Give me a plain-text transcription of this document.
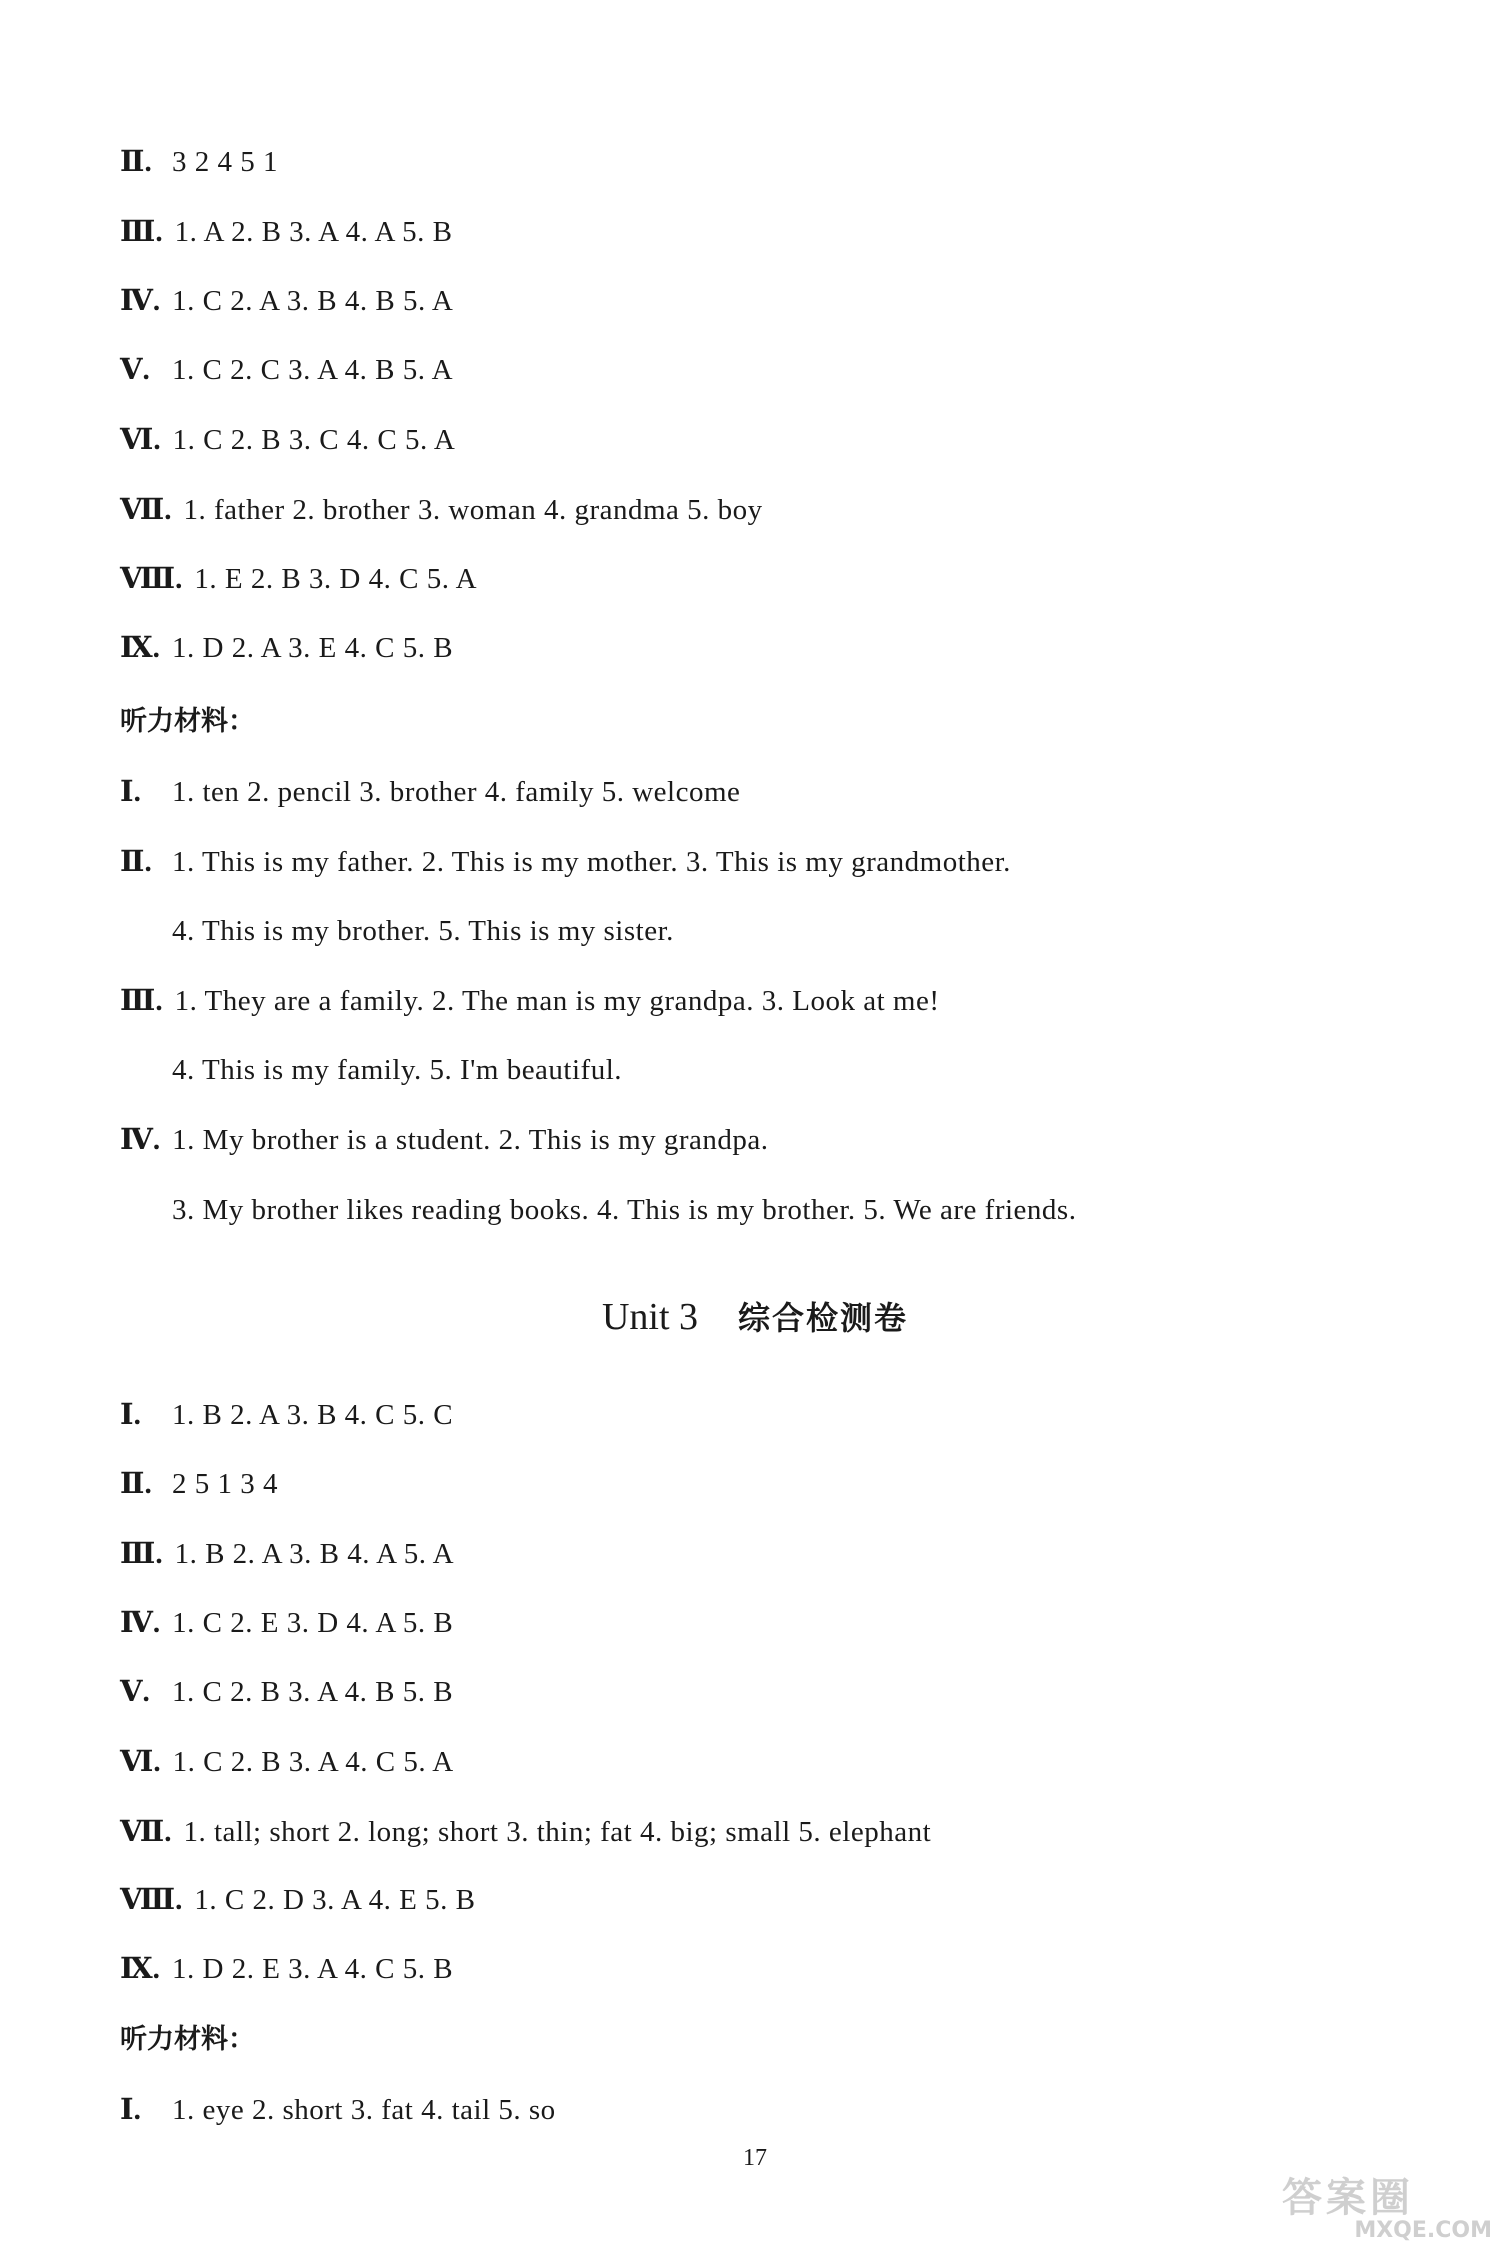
Ⅱ. 3 2 4 5 1
Ⅲ. 1. A 2. B 3. A 4. A 5. B
Ⅳ. 1. C 2. A 3. B 4. B 5. A
Ⅴ. 1. C 2. C 3. A 4. B 5. A
Ⅵ. 1. C 2. B 3. C 4. C 5. A
Ⅶ. 1. father 2. brother 3. woman 4. grandma 5. boy
Ⅷ. 1. E 2. B 3. D 4. C 5. A
Ⅸ. 1. D 2. A 3. E 4. C 5. B
听力材料：
Ⅰ. 1. ten 2. pencil 3. brother 4. family 5. welcome
Ⅱ. 1. This is my father. 2. This is my mother. 3. This is my grandmother.
4. This is my brother. 5. This is my sister.
Ⅲ. 1. They are a family. 2. The man is my grandpa. 3. Look at me!
4. This is my family. 5. I'm beautiful.
Ⅳ. 1. My brother is a student. 2. This is my grandpa.
3. My brother likes reading books. 4. This is my brother. 5. We are friends.
Unit 3 综合检测卷
Ⅰ. 1. B 2. A 3. B 4. C 5. C
Ⅱ. 2 5 1 3 4
Ⅲ. 1. B 2. A 3. B 4. A 5. A
Ⅳ. 1. C 2. E 3. D 4. A 5. B
Ⅴ. 1. C 2. B 3. A 4. B 5. B
Ⅵ. 1. C 2. B 3. A 4. C 5. A
Ⅶ. 1. tall; short 2. long; short 3. thin; fat 4. big; small 5. elephant
Ⅷ. 1. C 2. D 3. A 4. E 5. B
Ⅸ. 1. D 2. E 3. A 4. C 5. B
听力材料：
Ⅰ. 1. eye 2. short 3. fat 4. tail 5. so
17
答案圈
MXQE.COM
